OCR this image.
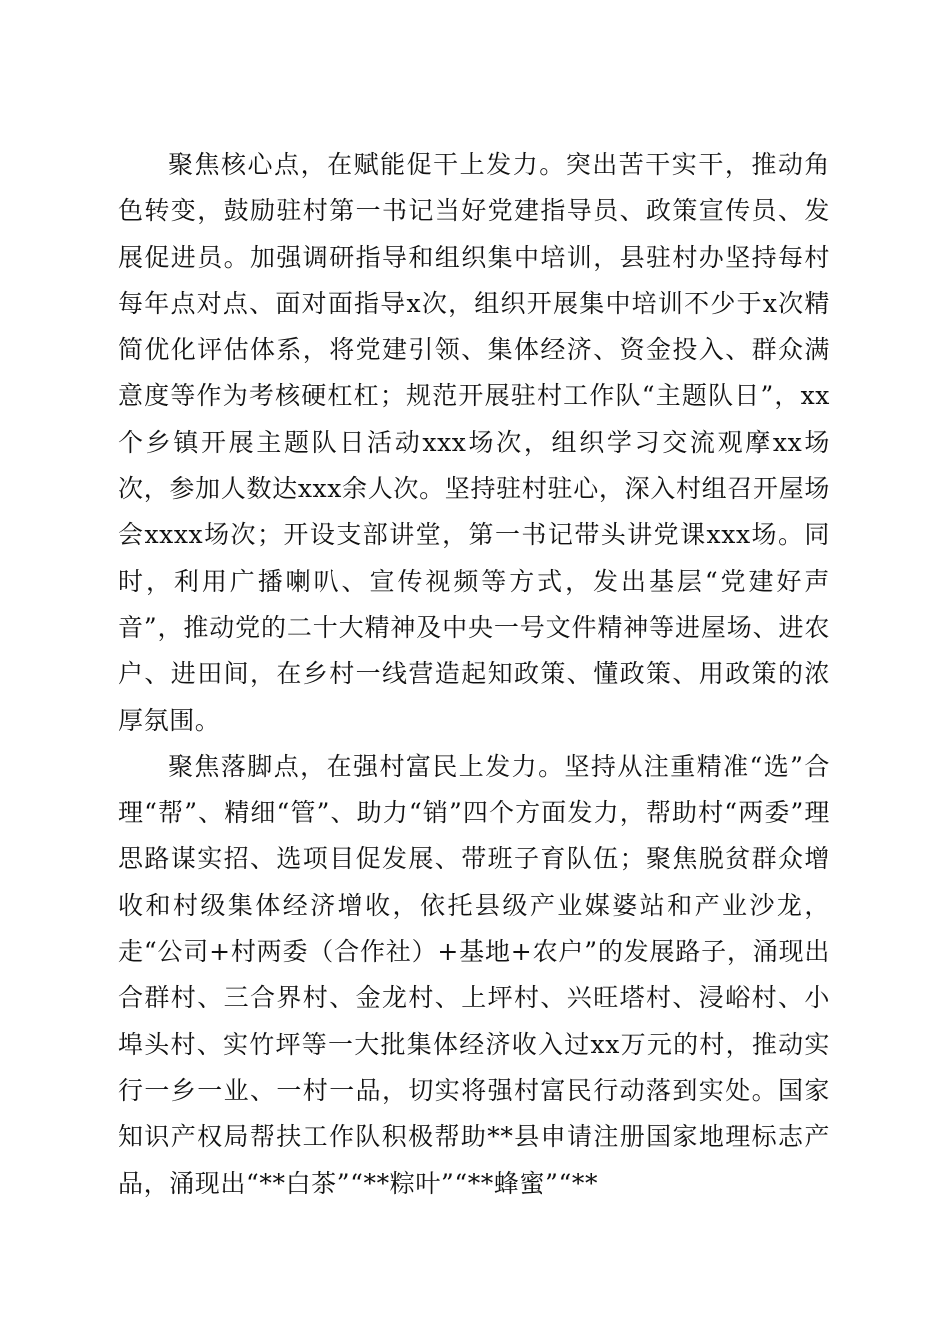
聚焦核心点，在赋能促干上发力。突出苦干实干，推动角色转变，鼓励驻村第一书记当好党建指导员、政策宣传员、发展促进员。加强调研指导和组织集中培训，县驻村办坚持每村每年点对点、面对面指导x次，组织开展集中培训不少于x次精简优化评估体系，将党建引领、集体经济、资金投入、群众满意度等作为考核硬杠杠；规范开展驻村工作队“主题队日”，xx个乡镇开展主题队日活动xxx场次，组织学习交流观摩xx场次，参加人数达xxx余人次。坚持驻村驻心，深入村组召开屋场会xxxx场次；开设支部讲堂，第一书记带头讲党课xxx场。同时，利用广播喇叭、宣传视频等方式，发出基层“党建好声音”，推动党的二十大精神及中央一号文件精神等进屋场、进农户、进田间，在乡村一线营造起知政策、懂政策、用政策的浓厚氛围。

聚焦落脚点，在强村富民上发力。坚持从注重精准“选”合理“帮”、精细“管”、助力“销”四个方面发力，帮助村“两委”理思路谋实招、选项目促发展、带班子育队伍；聚焦脱贫群众增收和村级集体经济增收，依托县级产业媒婆站和产业沙龙，走“公司+村两委（合作社）+基地+农户”的发展路子，涌现出合群村、三合界村、金龙村、上坪村、兴旺塔村、浸峪村、小埠头村、实竹坪等一大批集体经济收入过xx万元的村，推动实行一乡一业、一村一品，切实将强村富民行动落到实处。国家知识产权局帮扶工作队积极帮助**县申请注册国家地理标志产品，涌现出“**白茶”“**粽叶”“**蜂蜜”“**
